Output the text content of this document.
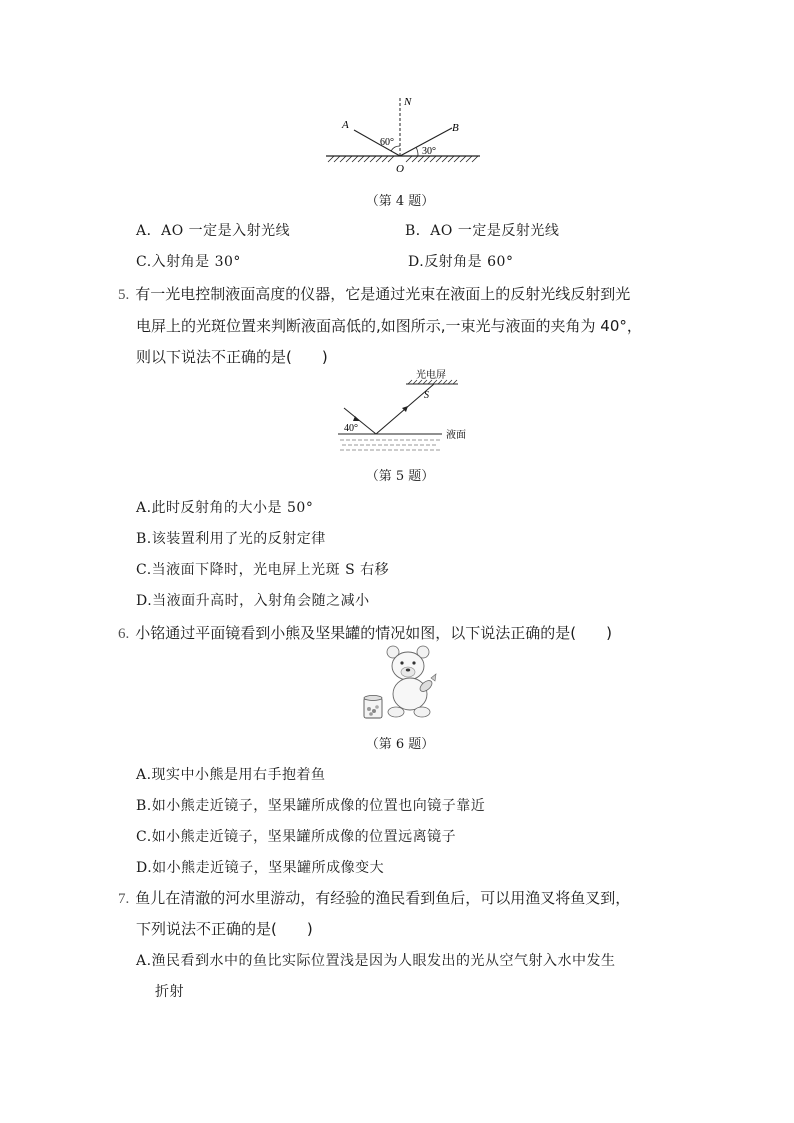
N
A	B
O
60°
30°
（第 4 题）
A．AO 一定是入射光线	B．AO 一定是反射光线
C.入射角是 30°	D.反射角是 60°
5. 有一光电控制液面高度的仪器，它是通过光束在液面上的反射光线反射到光
电屏上的光斑位置来判断液面高低的,如图所示,一束光与液面的夹角为 40°，
则以下说法不正确的是(　　)
光电屏
S
40°
液面
（第 5 题）
A.此时反射角的大小是 50°
B.该装置利用了光的反射定律
C.当液面下降时，光电屏上光斑 S 右移
D.当液面升高时，入射角会随之减小
6. 小铭通过平面镜看到小熊及坚果罐的情况如图，以下说法正确的是(　　)
（第 6 题）
A.现实中小熊是用右手抱着鱼
B.如小熊走近镜子，坚果罐所成像的位置也向镜子靠近
C.如小熊走近镜子，坚果罐所成像的位置远离镜子
D.如小熊走近镜子，坚果罐所成像变大
7. 鱼儿在清澈的河水里游动，有经验的渔民看到鱼后，可以用渔叉将鱼叉到，
下列说法不正确的是(　　)
A.渔民看到水中的鱼比实际位置浅是因为人眼发出的光从空气射入水中发生
折射
